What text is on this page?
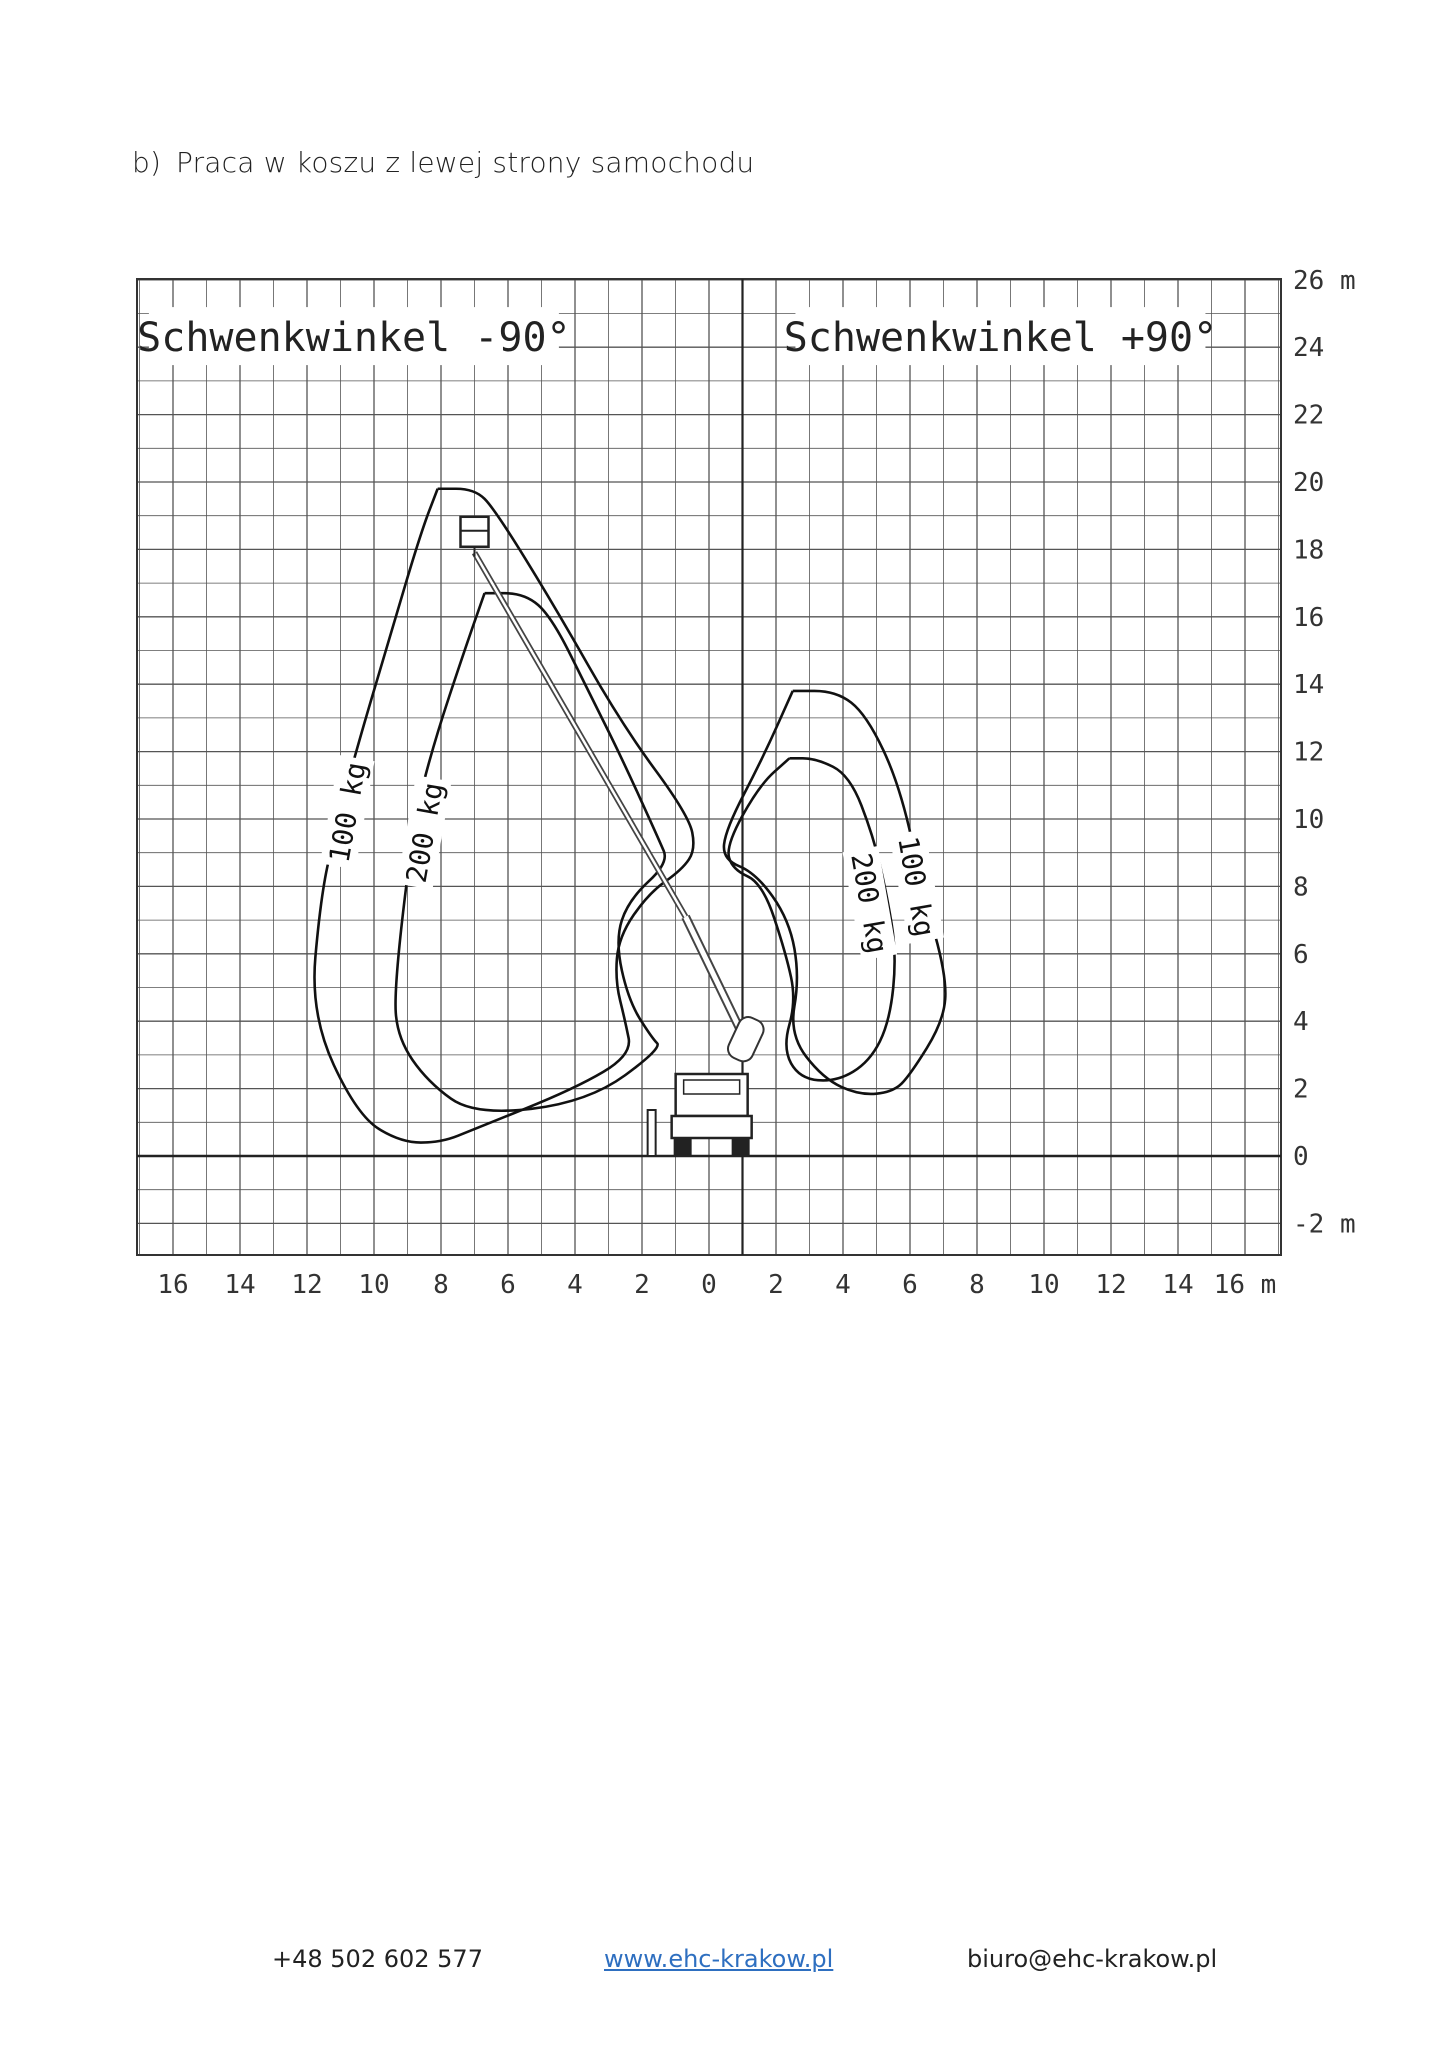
b) Praca w koszu z lewej strony samochodu
26 m
24
22
20
18
16
14
12
10
8
6
4
2
0
-2 m
16 14 12 10 8 6 4 2 0 2 4 6 8 10 12 14 16 m
Schwenkwinkel -90°	Schwenkwinkel +90°
100 kg 200 kg
100 kg
200 kg
+48 502 602 577	www.ehc-krakow.pl	biuro@ehc-krakow.pl
